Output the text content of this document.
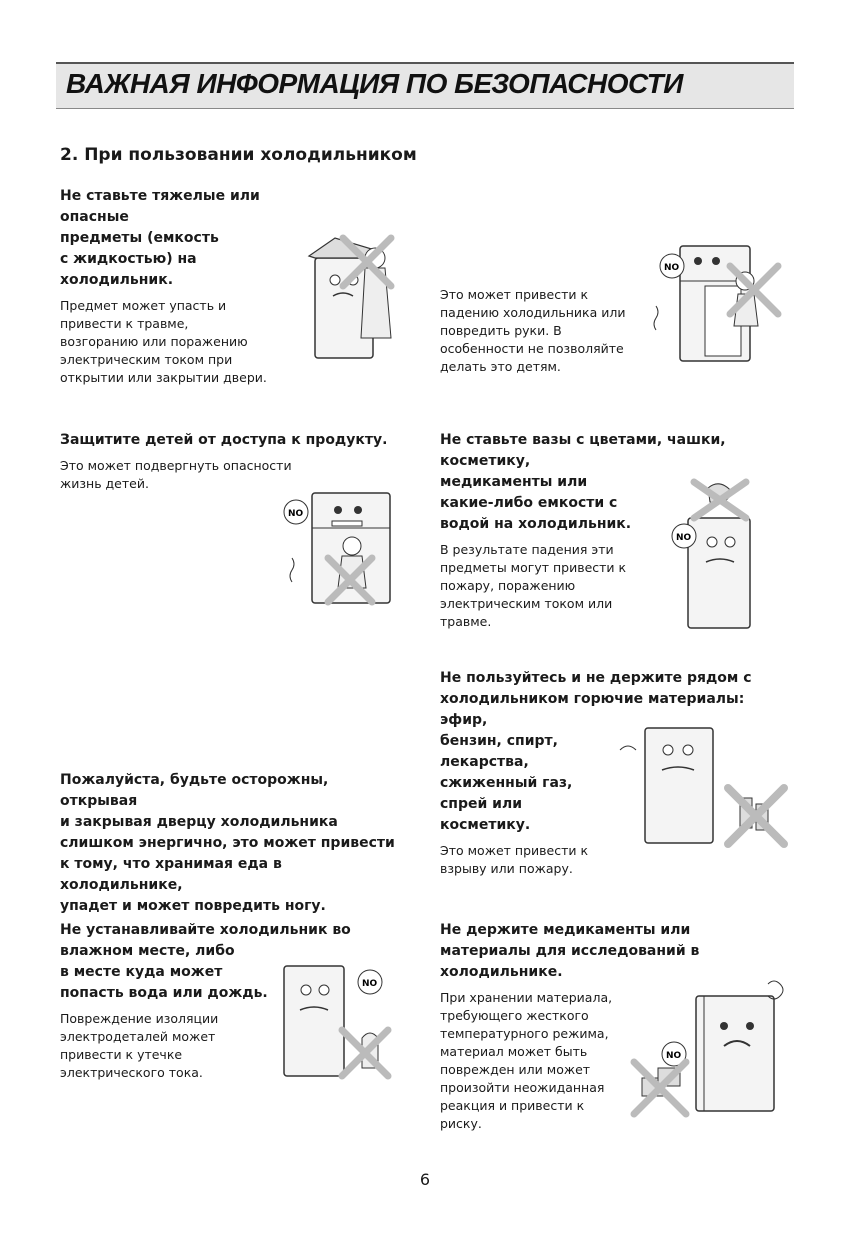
ВАЖНАЯ ИНФОРМАЦИЯ ПО БЕЗОПАСНОСТИ
2. При пользовании холодильником
Не ставьте тяжелые или опасные
предметы (емкость
с жидкостью) на
холодильник.
Предмет может упасть и
привести к травме,
возгоранию или поражению
электрическим током при
открытии или закрытии двери.
Это может привести к
падению холодильника или
повредить руки. В
особенности не позволяйте
делать это детям.
NO
Защитите детей от доступа к продукту.
Это может подвергнуть опасности
жизнь детей.
NO
Не ставьте вазы с цветами, чашки,
косметику,
медикаменты или
какие-либо емкости с
водой на холодильник.
В результате падения эти
предметы могут привести к
пожару, поражению
электрическим током или
травме.
NO
Не пользуйтесь и не держите рядом с
холодильником горючие материалы: эфир,
бензин, спирт,
лекарства,
сжиженный газ,
спрей или
косметику.
Это может привести к
взрыву или пожару.
Пожалуйста, будьте осторожны, открывая
и закрывая дверцу холодильника
слишком энергично, это может привести
к тому, что хранимая еда в холодильнике,
упадет и может повредить ногу.
Не устанавливайте холодильник во
влажном месте, либо
в месте куда может
попасть вода или дождь.
Повреждение изоляции
электродеталей может
привести к утечке
электрического тока.
NO
Не держите медикаменты или
материалы для исследований в
холодильнике.
При хранении материала,
требующего жесткого
температурного режима,
материал может быть
поврежден или может
произойти неожиданная
реакция и привести к
риску.
NO
6
